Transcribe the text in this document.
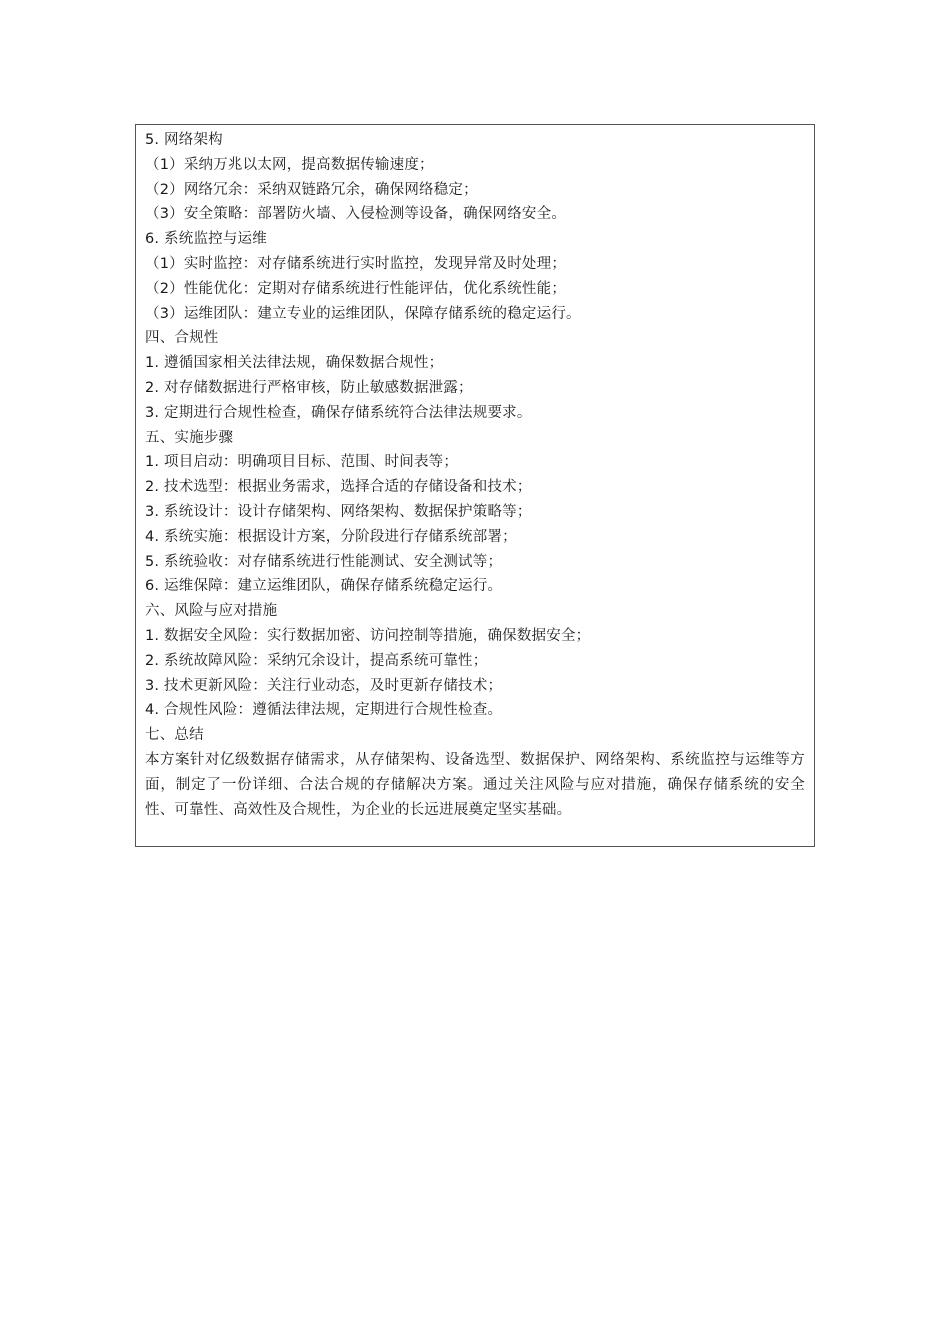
5. 网络架构
（1）采纳万兆以太网，提高数据传输速度；
（2）网络冗余：采纳双链路冗余，确保网络稳定；
（3）安全策略：部署防火墙、入侵检测等设备，确保网络安全。
6. 系统监控与运维
（1）实时监控：对存储系统进行实时监控，发现异常及时处理；
（2）性能优化：定期对存储系统进行性能评估，优化系统性能；
（3）运维团队：建立专业的运维团队，保障存储系统的稳定运行。
四、合规性
1. 遵循国家相关法律法规，确保数据合规性；
2. 对存储数据进行严格审核，防止敏感数据泄露；
3. 定期进行合规性检查，确保存储系统符合法律法规要求。
五、实施步骤
1. 项目启动：明确项目目标、范围、时间表等；
2. 技术选型：根据业务需求，选择合适的存储设备和技术；
3. 系统设计：设计存储架构、网络架构、数据保护策略等；
4. 系统实施：根据设计方案，分阶段进行存储系统部署；
5. 系统验收：对存储系统进行性能测试、安全测试等；
6. 运维保障：建立运维团队，确保存储系统稳定运行。
六、风险与应对措施
1. 数据安全风险：实行数据加密、访问控制等措施，确保数据安全；
2. 系统故障风险：采纳冗余设计，提高系统可靠性；
3. 技术更新风险：关注行业动态，及时更新存储技术；
4. 合规性风险：遵循法律法规，定期进行合规性检查。
七、总结

本方案针对亿级数据存储需求，从存储架构、设备选型、数据保护、网络架构、系统监控与运维等方面，制定了一份详细、合法合规的存储解决方案。通过关注风险与应对措施，确保存储系统的安全性、可靠性、高效性及合规性，为企业的长远进展奠定坚实基础。
